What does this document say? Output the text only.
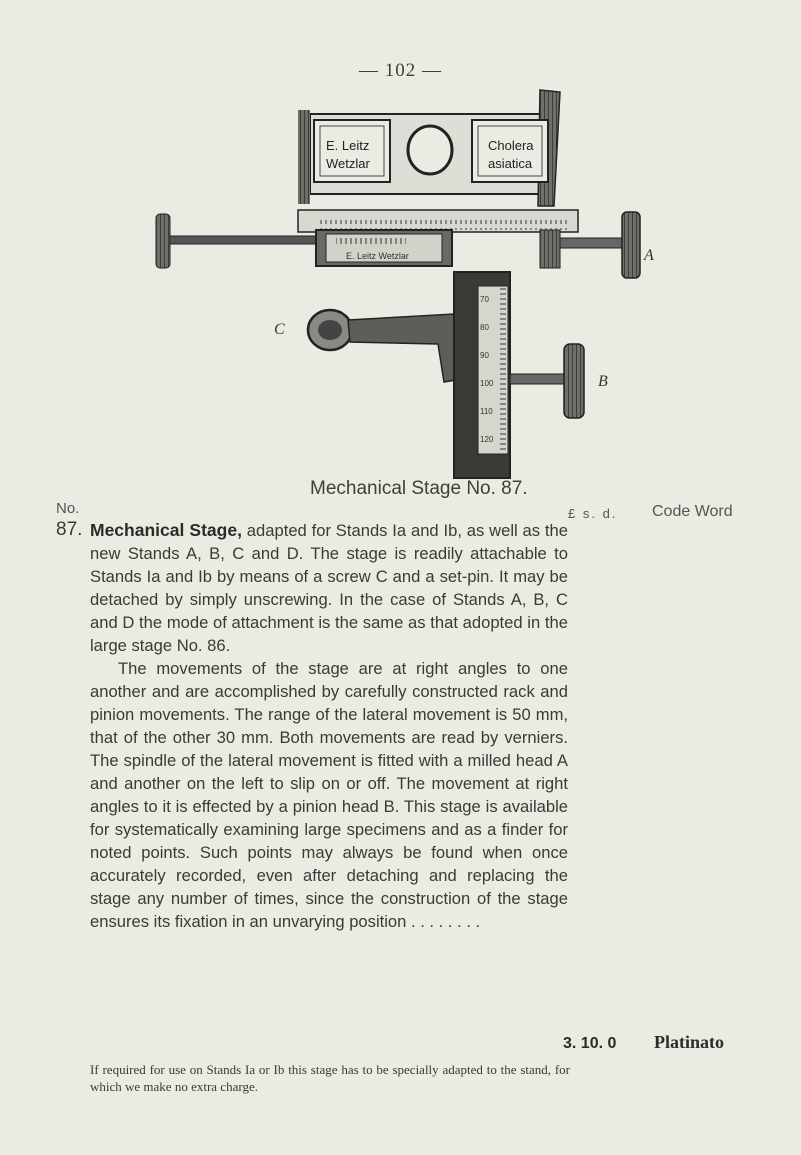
— 102 —
E. Leitz
Wetzlar
Cholera
asiatica
E. Leitz Wetzlar	A
C
70
80
90
100
110
120
B
Mechanical Stage No. 87.
No.	£ s. d. Code Word
87. Mechanical Stage, adapted for Stands Ia and Ib, as well as the new Stands A, B, C and D. The stage is readily attachable to Stands Ia and Ib by means of a screw C and a set-pin. It may be detached by simply unscrewing. In the case of Stands A, B, C and D the mode of attachment is the same as that adopted in the large stage No. 86.

The movements of the stage are at right angles to one another and are accomplished by carefully constructed rack and pinion movements. The range of the lateral movement is 50 mm, that of the other 30 mm. Both movements are read by verniers. The spindle of the lateral movement is fitted with a milled head A and another on the left to slip on or off. The movement at right angles to it is effected by a pinion head B. This stage is available for systematically examining large specimens and as a finder for noted points. Such points may always be found when once accurately recorded, even after detaching and replacing the stage any number of times, since the construction of the stage ensures its fixation in an unvarying position . . . . . . . .

3. 10. 0 Platinato
If required for use on Stands Ia or Ib this stage has to be specially adapted to the stand, for which we make no extra charge.
